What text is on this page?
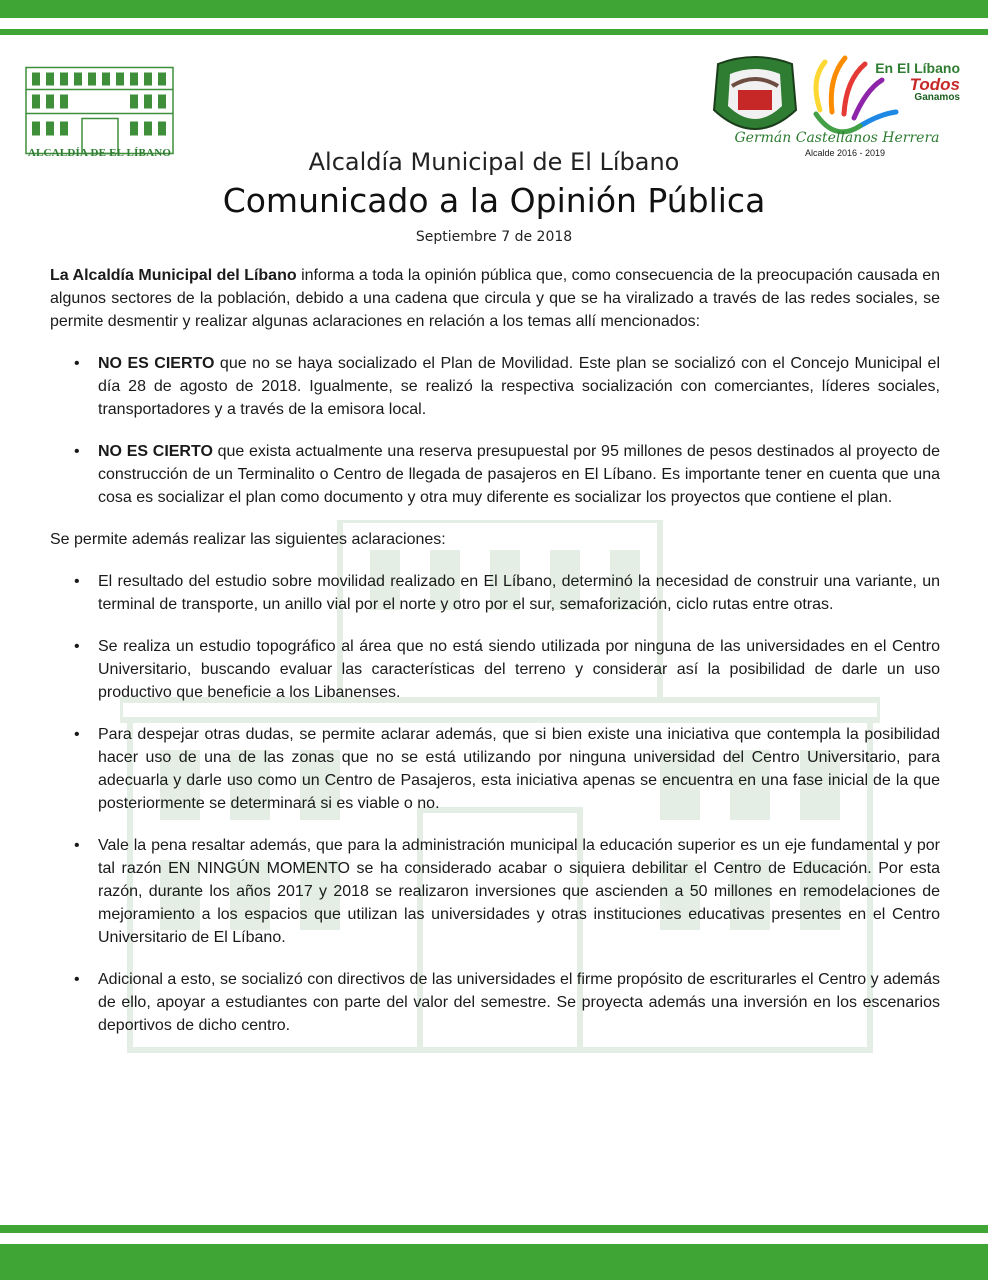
ALCALDÍA DE EL LÍBANO
En El Líbano
Todos
Ganamos
Germán Castellanos Herrera
Alcalde 2016 - 2019
Alcaldía Municipal de El Líbano
Comunicado a la Opinión Pública
Septiembre 7 de 2018

La Alcaldía Municipal del Líbano informa a toda la opinión pública que, como consecuencia de la preocupación causada en algunos sectores de la población, debido a una cadena que circula y que se ha viralizado a través de las redes sociales, se permite desmentir y realizar algunas aclaraciones en relación a los temas allí mencionados:

• NO ES CIERTO que no se haya socializado el Plan de Movilidad. Este plan se socializó con el Concejo Municipal el día 28 de agosto de 2018. Igualmente, se realizó la respectiva socialización con comerciantes, líderes sociales, transportadores y a través de la emisora local.
• NO ES CIERTO que exista actualmente una reserva presupuestal por 95 millones de pesos destinados al proyecto de construcción de un Terminalito o Centro de llegada de pasajeros en El Líbano. Es importante tener en cuenta que una cosa es socializar el plan como documento y otra muy diferente es socializar los proyectos que contiene el plan.

Se permite además realizar las siguientes aclaraciones:

• El resultado del estudio sobre movilidad realizado en El Líbano, determinó la necesidad de construir una variante, un terminal de transporte, un anillo vial por el norte y otro por el sur, semaforización, ciclo rutas entre otras.
• Se realiza un estudio topográfico al área que no está siendo utilizada por ninguna de las universidades en el Centro Universitario, buscando evaluar las características del terreno y considerar así la posibilidad de darle un uso productivo que beneficie a los Libanenses.
• Para despejar otras dudas, se permite aclarar además, que si bien existe una iniciativa que contempla la posibilidad hacer uso de una de las zonas que no se está utilizando por ninguna universidad del Centro Universitario, para adecuarla y darle uso como un Centro de Pasajeros, esta iniciativa apenas se encuentra en una fase inicial de la que posteriormente se determinará si es viable o no.
• Vale la pena resaltar además, que para la administración municipal la educación superior es un eje fundamental y por tal razón EN NINGÚN MOMENTO se ha considerado acabar o siquiera debilitar el Centro de Educación. Por esta razón, durante los años 2017 y 2018 se realizaron inversiones que ascienden a 50 millones en remodelaciones de mejoramiento a los espacios que utilizan las universidades y otras instituciones educativas presentes en el Centro Universitario de El Líbano.
• Adicional a esto, se socializó con directivos de las universidades el firme propósito de escriturarles el Centro y además de ello, apoyar a estudiantes con parte del valor del semestre. Se proyecta además una inversión en los escenarios deportivos de dicho centro.
